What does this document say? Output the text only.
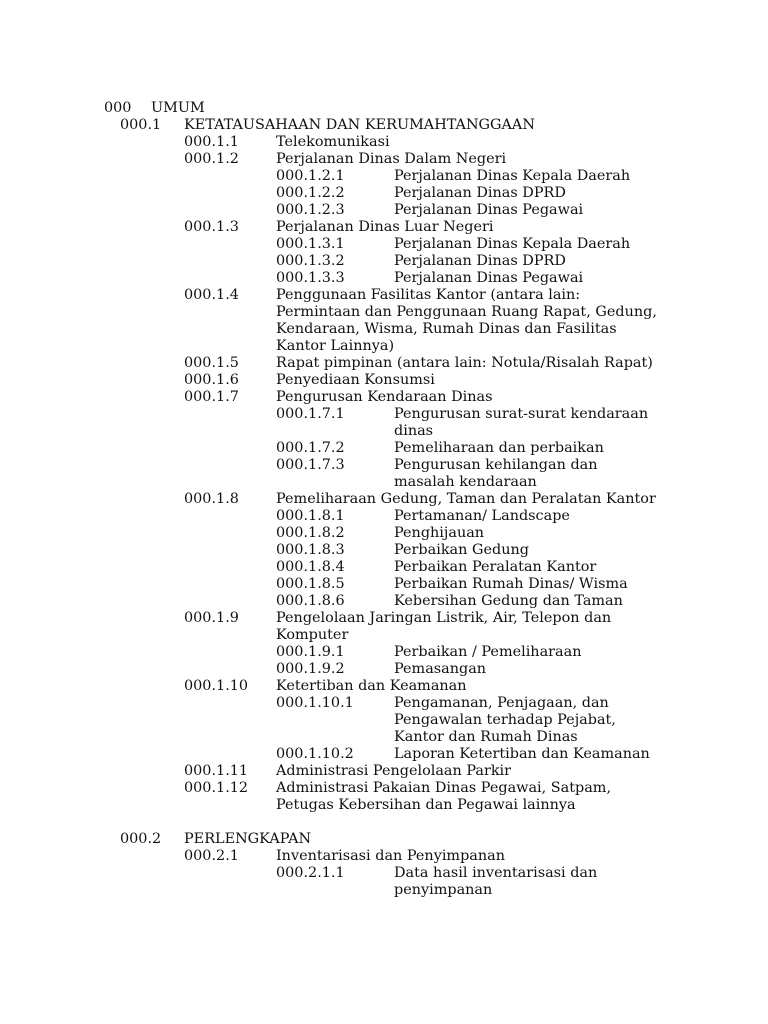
000 UMUM
000.1 KETATAUSAHAAN DAN KERUMAHTANGGAAN
000.1.1	Telekomunikasi
000.1.2	Perjalanan Dinas Dalam Negeri
000.1.2.1	Perjalanan Dinas Kepala Daerah
000.1.2.2	Perjalanan Dinas DPRD
000.1.2.3	Perjalanan Dinas Pegawai
000.1.3	Perjalanan Dinas Luar Negeri
000.1.3.1	Perjalanan Dinas Kepala Daerah
000.1.3.2	Perjalanan Dinas DPRD
000.1.3.3	Perjalanan Dinas Pegawai
000.1.4	Penggunaan Fasilitas Kantor (antara lain:
Permintaan dan Penggunaan Ruang Rapat, Gedung,
Kendaraan, Wisma, Rumah Dinas dan Fasilitas
Kantor Lainnya)
000.1.5	Rapat pimpinan (antara lain: Notula/Risalah Rapat)
000.1.6	Penyediaan Konsumsi
000.1.7	Pengurusan Kendaraan Dinas
000.1.7.1	Pengurusan surat-surat kendaraan
dinas
000.1.7.2	Pemeliharaan dan perbaikan
000.1.7.3	Pengurusan kehilangan dan
masalah kendaraan
000.1.8	Pemeliharaan Gedung, Taman dan Peralatan Kantor
000.1.8.1	Pertamanan/ Landscape
000.1.8.2	Penghijauan
000.1.8.3	Perbaikan Gedung
000.1.8.4	Perbaikan Peralatan Kantor
000.1.8.5	Perbaikan Rumah Dinas/ Wisma
000.1.8.6	Kebersihan Gedung dan Taman
000.1.9	Pengelolaan Jaringan Listrik, Air, Telepon dan
Komputer
000.1.9.1	Perbaikan / Pemeliharaan
000.1.9.2	Pemasangan
000.1.10 Ketertiban dan Keamanan
000.1.10.1	Pengamanan, Penjagaan, dan
Pengawalan terhadap Pejabat,
Kantor dan Rumah Dinas
000.1.10.2	Laporan Ketertiban dan Keamanan
000.1.11 Administrasi Pengelolaan Parkir
000.1.12 Administrasi Pakaian Dinas Pegawai, Satpam,
Petugas Kebersihan dan Pegawai lainnya
000.2 PERLENGKAPAN
000.2.1	Inventarisasi dan Penyimpanan
000.2.1.1	Data hasil inventarisasi dan
penyimpanan
